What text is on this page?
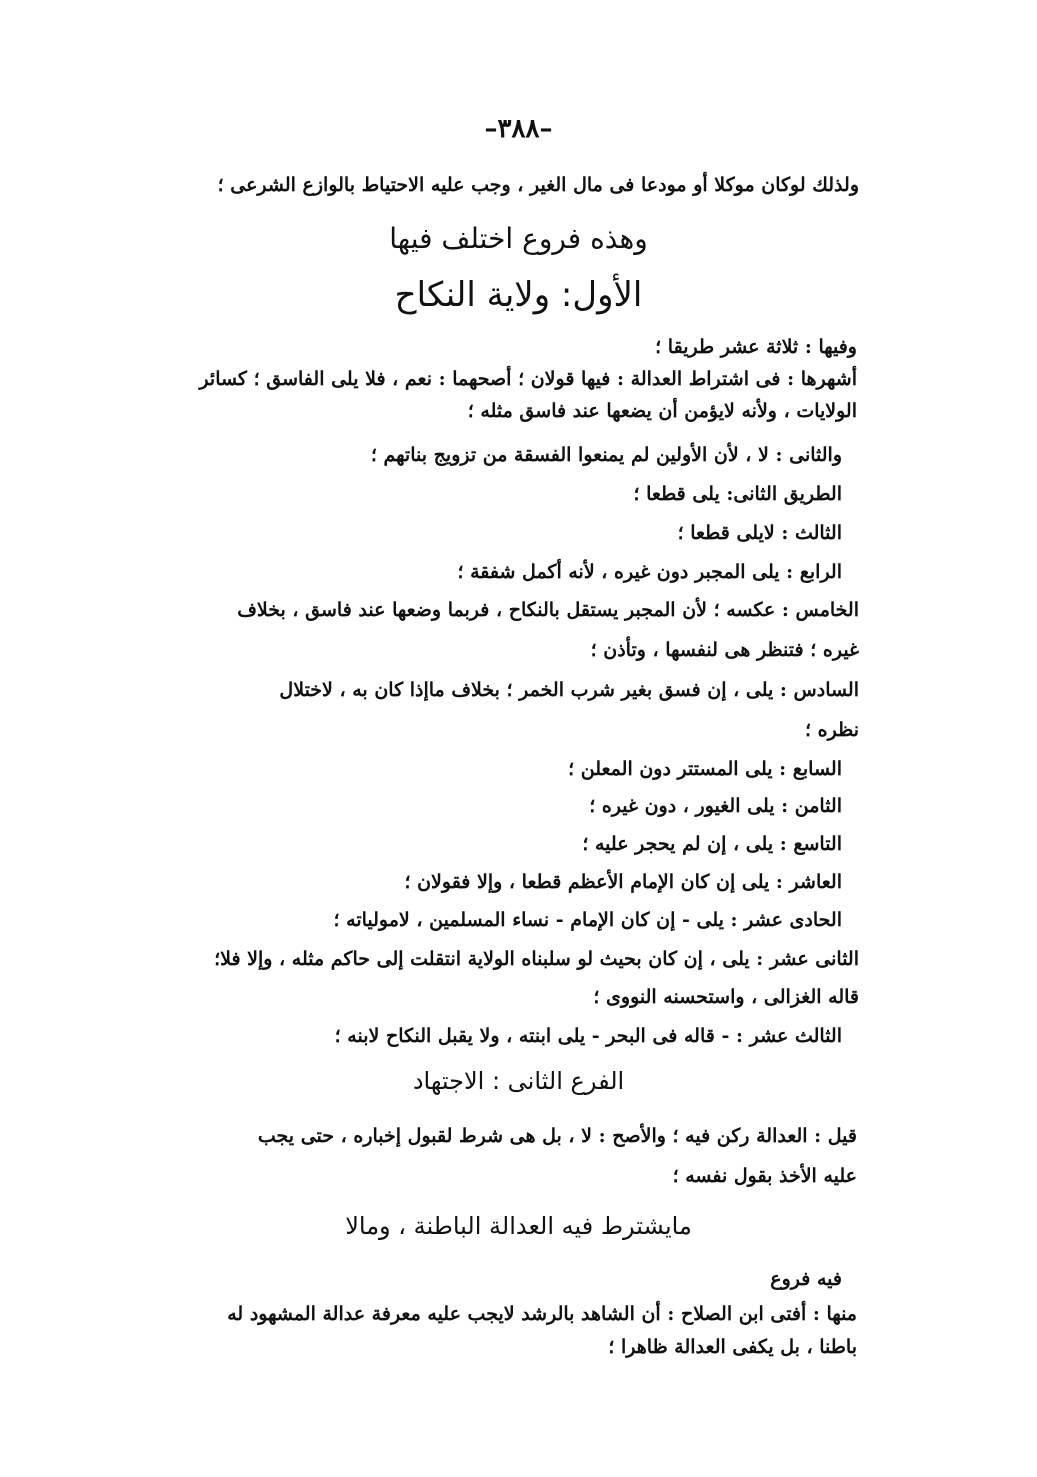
–٣٨٨–
ولذلك لوكان موكلا أو مودعا فى مال الغير ، وجب عليه الاحتياط بالوازع الشرعى ؛
وهذه فروع اختلف فيها
الأول: ولاية النكاح
وفيها : ثلاثة عشر طريقا ؛
أشهرها : فى اشتراط العدالة : فيها قولان ؛ أصحهما : نعم ، فلا يلى الفاسق ؛ كسائر
الولايات ، ولأنه لايؤمن أن يضعها عند فاسق مثله ؛
والثانى : لا ، لأن الأولين لم يمنعوا الفسقة من تزويج بناتهم ؛
الطريق الثانى: يلى قطعا ؛
الثالث : لايلى قطعا ؛
الرابع : يلى المجبر دون غيره ، لأنه أكمل شفقة ؛
الخامس : عكسه ؛ لأن المجبر يستقل بالنكاح ، فربما وضعها عند فاسق ، بخلاف
غيره ؛ فتنظر هى لنفسها ، وتأذن ؛
السادس : يلى ، إن فسق بغير شرب الخمر ؛ بخلاف ماإذا كان به ، لاختلال
نظره ؛
السابع : يلى المستتر دون المعلن ؛
الثامن : يلى الغيور ، دون غيره ؛
التاسع : يلى ، إن لم يحجر عليه ؛
العاشر : يلى إن كان الإمام الأعظم قطعا ، وإلا فقولان ؛
الحادى عشر : يلى - إن كان الإمام - نساء المسلمين ، لامولياته ؛
الثانى عشر : يلى ، إن كان بحيث لو سلبناه الولاية انتقلت إلى حاكم مثله ، وإلا فلا؛
قاله الغزالى ، واستحسنه النووى ؛
الثالث عشر : - قاله فى البحر - يلى ابنته ، ولا يقبل النكاح لابنه ؛
الفرع الثانى : الاجتهاد
قيل : العدالة ركن فيه ؛ والأصح : لا ، بل هى شرط لقبول إخباره ، حتى يجب
عليه الأخذ بقول نفسه ؛
مايشترط فيه العدالة الباطنة ، ومالا
فيه فروع
منها : أفتى ابن الصلاح : أن الشاهد بالرشد لايجب عليه معرفة عدالة المشهود له
باطنا ، بل يكفى العدالة ظاهرا ؛
